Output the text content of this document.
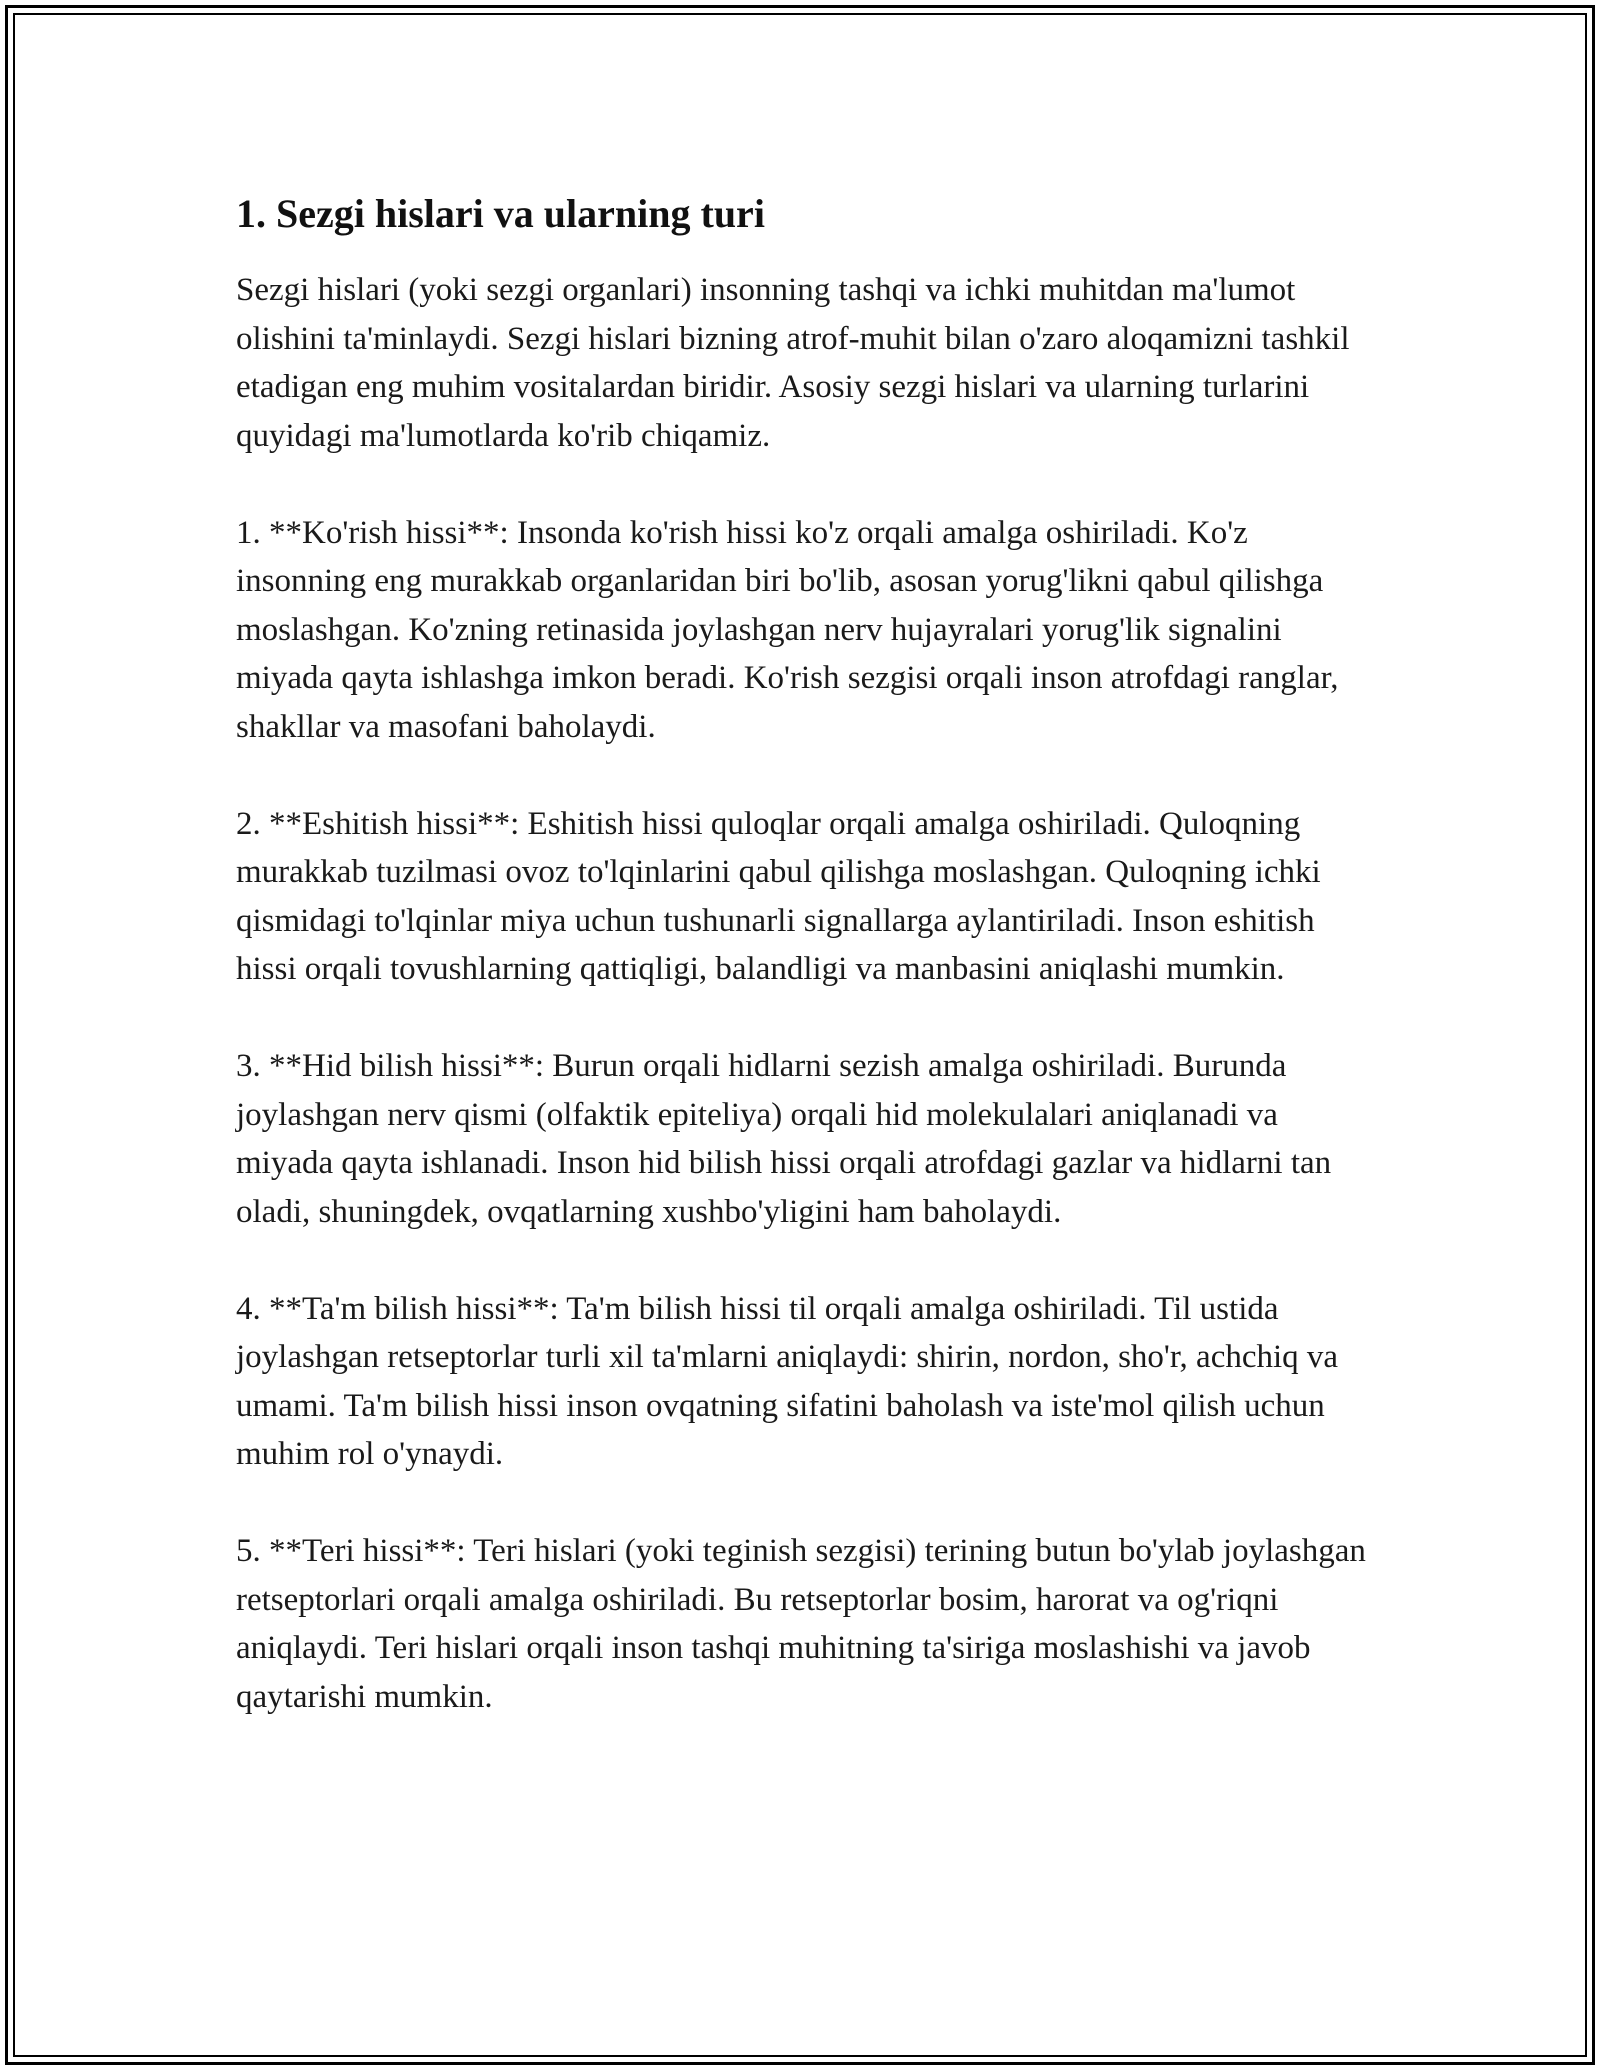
1. Sezgi hislari va ularning turi

Sezgi hislari (yoki sezgi organlari) insonning tashqi va ichki muhitdan ma'lumot olishini ta'minlaydi. Sezgi hislari bizning atrof-muhit bilan o'zaro aloqamizni tashkil etadigan eng muhim vositalardan biridir. Asosiy sezgi hislari va ularning turlarini quyidagi ma'lumotlarda ko'rib chiqamiz.

1. **Ko'rish hissi**: Insonda ko'rish hissi ko'z orqali amalga oshiriladi. Ko'z insonning eng murakkab organlaridan biri bo'lib, asosan yorug'likni qabul qilishga moslashgan. Ko'zning retinasida joylashgan nerv hujayralari yorug'lik signalini miyada qayta ishlashga imkon beradi. Ko'rish sezgisi orqali inson atrofdagi ranglar, shakllar va masofani baholaydi.

2. **Eshitish hissi**: Eshitish hissi quloqlar orqali amalga oshiriladi. Quloqning murakkab tuzilmasi ovoz to'lqinlarini qabul qilishga moslashgan. Quloqning ichki qismidagi to'lqinlar miya uchun tushunarli signallarga aylantiriladi. Inson eshitish hissi orqali tovushlarning qattiqligi, balandligi va manbasini aniqlashi mumkin.

3. **Hid bilish hissi**: Burun orqali hidlarni sezish amalga oshiriladi. Burunda joylashgan nerv qismi (olfaktik epiteliya) orqali hid molekulalari aniqlanadi va miyada qayta ishlanadi. Inson hid bilish hissi orqali atrofdagi gazlar va hidlarni tan oladi, shuningdek, ovqatlarning xushbo'yligini ham baholaydi.

4. **Ta'm bilish hissi**: Ta'm bilish hissi til orqali amalga oshiriladi. Til ustida joylashgan retseptorlar turli xil ta'mlarni aniqlaydi: shirin, nordon, sho'r, achchiq va umami. Ta'm bilish hissi inson ovqatning sifatini baholash va iste'mol qilish uchun muhim rol o'ynaydi.

5. **Teri hissi**: Teri hislari (yoki teginish sezgisi) terining butun bo'ylab joylashgan retseptorlari orqali amalga oshiriladi. Bu retseptorlar bosim, harorat va og'riqni aniqlaydi. Teri hislari orqali inson tashqi muhitning ta'siriga moslashishi va javob qaytarishi mumkin.
